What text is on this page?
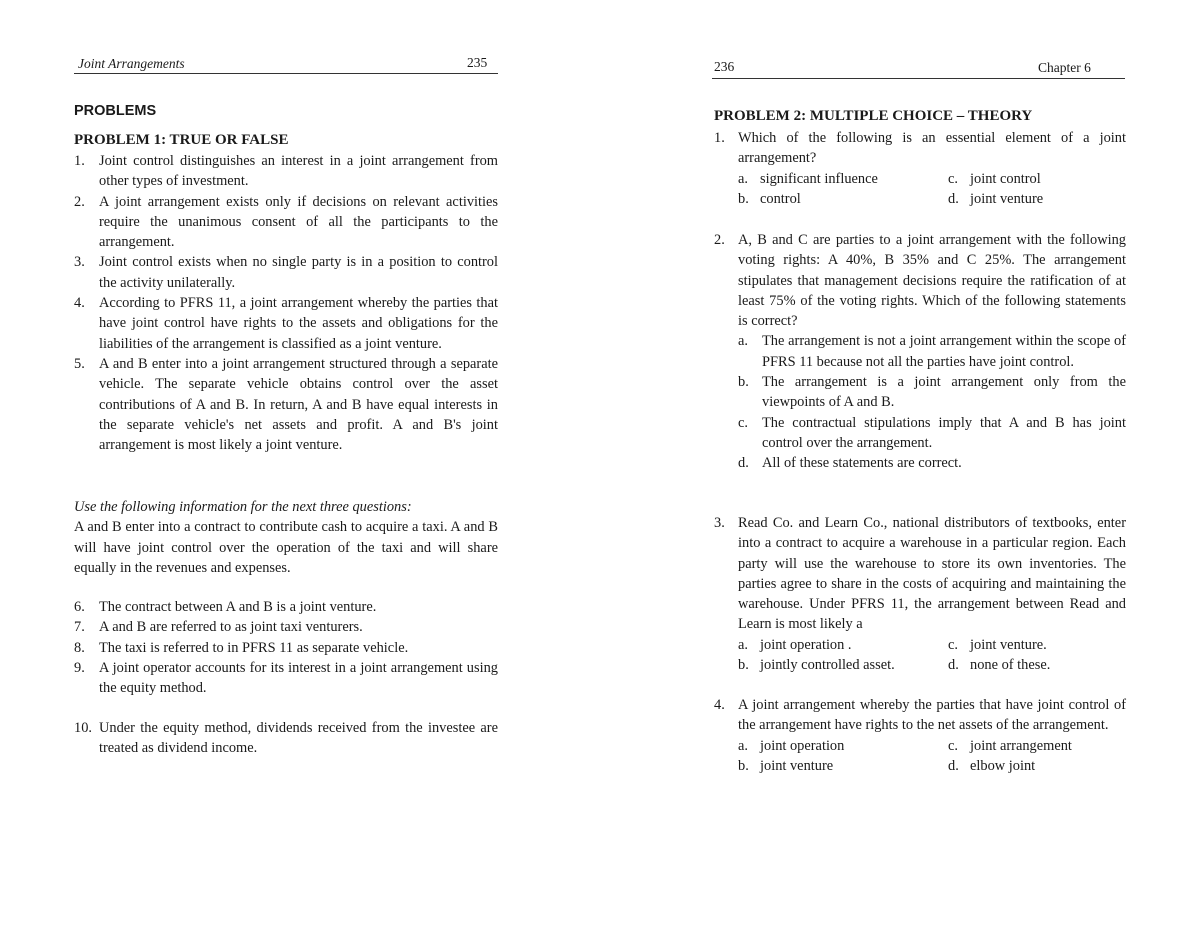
Joint Arrangements	235
PROBLEMS
PROBLEM 1: TRUE OR FALSE
1. Joint control distinguishes an interest in a joint arrangement from other types of investment.
2. A joint arrangement exists only if decisions on relevant activities require the unanimous consent of all the participants to the arrangement.
3. Joint control exists when no single party is in a position to control the activity unilaterally.
4. According to PFRS 11, a joint arrangement whereby the parties that have joint control have rights to the assets and obligations for the liabilities of the arrangement is classified as a joint venture.
5. A and B enter into a joint arrangement structured through a separate vehicle. The separate vehicle obtains control over the asset contributions of A and B. In return, A and B have equal interests in the separate vehicle's net assets and profit. A and B's joint arrangement is most likely a joint venture.
Use the following information for the next three questions:
A and B enter into a contract to contribute cash to acquire a taxi. A and B will have joint control over the operation of the taxi and will share equally in the revenues and expenses.
6. The contract between A and B is a joint venture.
7. A and B are referred to as joint taxi venturers.
8. The taxi is referred to in PFRS 11 as separate vehicle.
9. A joint operator accounts for its interest in a joint arrangement using the equity method.
10. Under the equity method, dividends received from the investee are treated as dividend income.
236	Chapter 6
PROBLEM 2: MULTIPLE CHOICE – THEORY
1. Which of the following is an essential element of a joint arrangement?
a. significant influence	c. joint control
b. control	d. joint venture
2. A, B and C are parties to a joint arrangement with the following voting rights: A 40%, B 35% and C 25%. The arrangement stipulates that management decisions require the ratification of at least 75% of the voting rights. Which of the following statements is correct?
a. The arrangement is not a joint arrangement within the scope of PFRS 11 because not all the parties have joint control.
b. The arrangement is a joint arrangement only from the viewpoints of A and B.
c. The contractual stipulations imply that A and B has joint control over the arrangement.
d. All of these statements are correct.
3. Read Co. and Learn Co., national distributors of textbooks, enter into a contract to acquire a warehouse in a particular region. Each party will use the warehouse to store its own inventories. The parties agree to share in the costs of acquiring and maintaining the warehouse. Under PFRS 11, the arrangement between Read and Learn is most likely a
a. joint operation .	c. joint venture.
b. jointly controlled asset.	d. none of these.
4. A joint arrangement whereby the parties that have joint control of the arrangement have rights to the net assets of the arrangement.
a. joint operation	c. joint arrangement
b. joint venture	d. elbow joint
